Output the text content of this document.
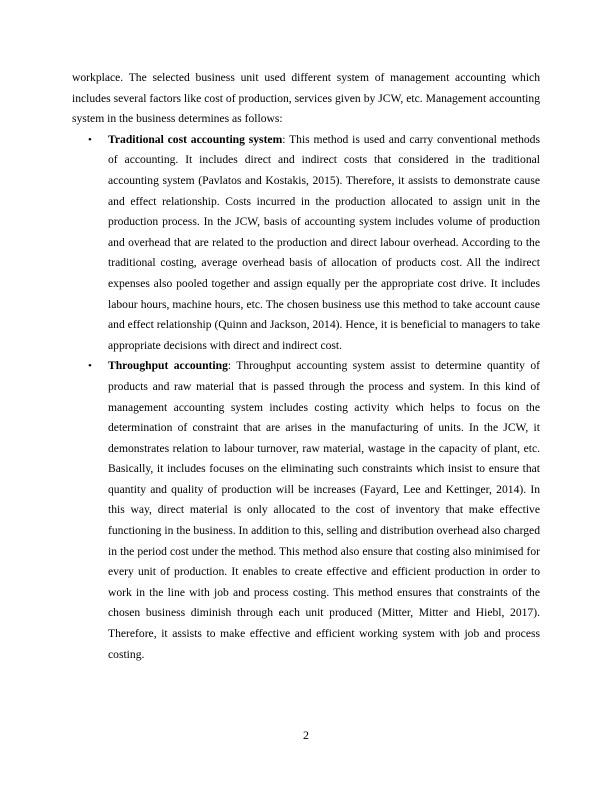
workplace. The selected business unit used different system of management accounting which includes several factors like cost of production, services given by JCW, etc. Management accounting system in the business determines as follows:

• Traditional cost accounting system: This method is used and carry conventional methods of accounting. It includes direct and indirect costs that considered in the traditional accounting system (Pavlatos and Kostakis, 2015). Therefore, it assists to demonstrate cause and effect relationship. Costs incurred in the production allocated to assign unit in the production process. In the JCW, basis of accounting system includes volume of production and overhead that are related to the production and direct labour overhead. According to the traditional costing, average overhead basis of allocation of products cost. All the indirect expenses also pooled together and assign equally per the appropriate cost drive. It includes labour hours, machine hours, etc. The chosen business use this method to take account cause and effect relationship (Quinn and Jackson, 2014). Hence, it is beneficial to managers to take appropriate decisions with direct and indirect cost.
• Throughput accounting: Throughput accounting system assist to determine quantity of products and raw material that is passed through the process and system. In this kind of management accounting system includes costing activity which helps to focus on the determination of constraint that are arises in the manufacturing of units. In the JCW, it demonstrates relation to labour turnover, raw material, wastage in the capacity of plant, etc. Basically, it includes focuses on the eliminating such constraints which insist to ensure that quantity and quality of production will be increases (Fayard, Lee and Kettinger, 2014). In this way, direct material is only allocated to the cost of inventory that make effective functioning in the business. In addition to this, selling and distribution overhead also charged in the period cost under the method. This method also ensure that costing also minimised for every unit of production. It enables to create effective and efficient production in order to work in the line with job and process costing. This method ensures that constraints of the chosen business diminish through each unit produced (Mitter, Mitter and Hiebl, 2017). Therefore, it assists to make effective and efficient working system with job and process costing.
2
